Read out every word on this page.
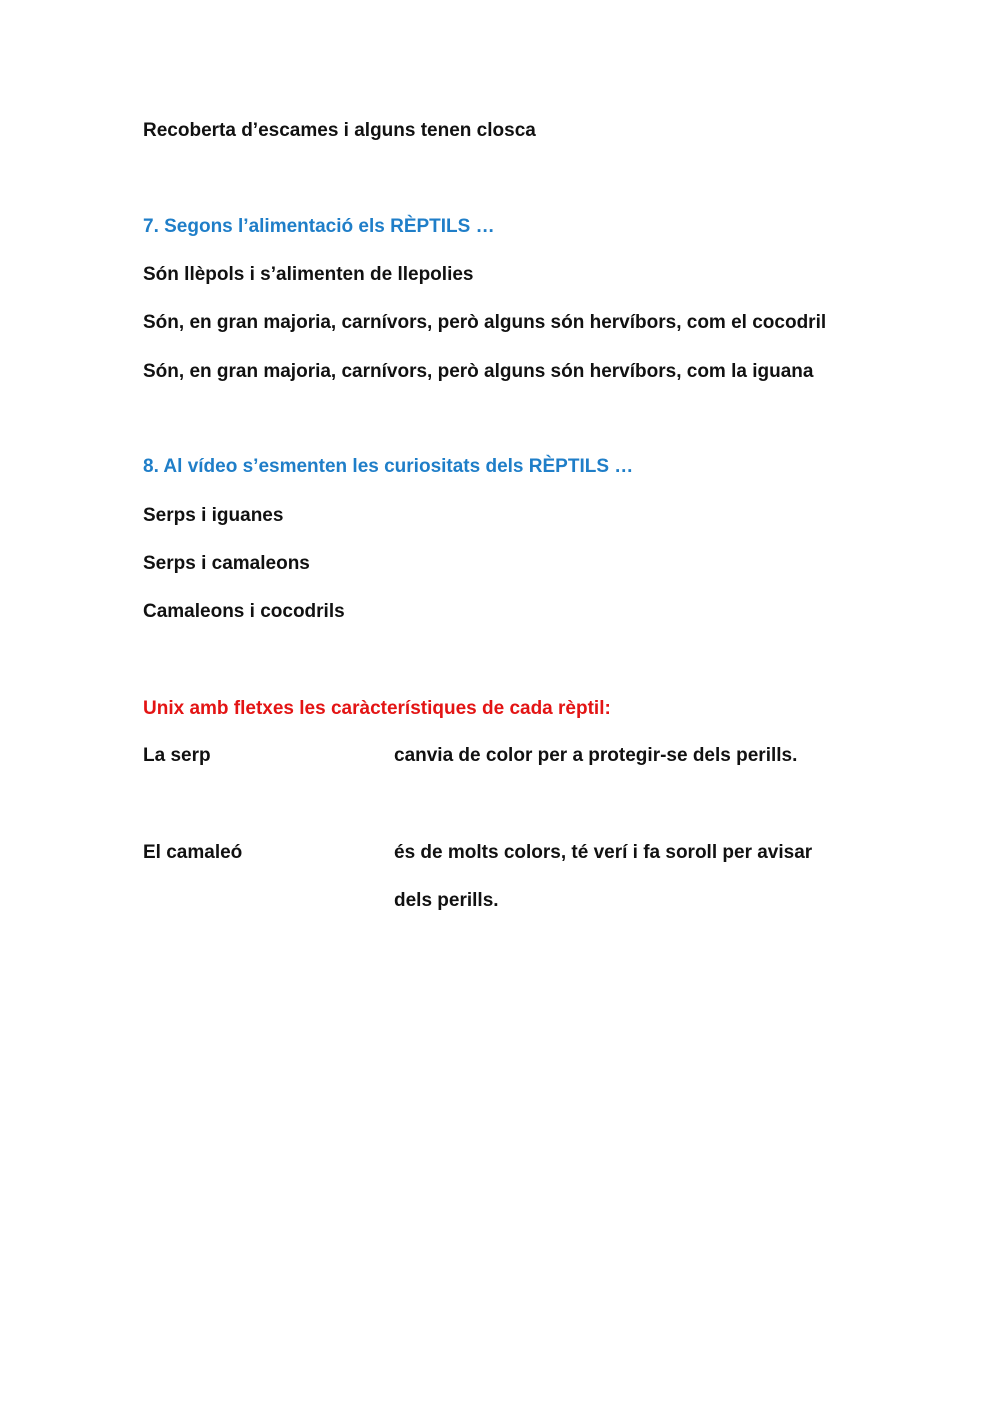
Recoberta d’escames i alguns tenen closca
7. Segons l’alimentació els RÈPTILS …
Són llèpols i s’alimenten de llepolies
Són, en gran majoria, carnívors, però alguns són hervíbors, com el cocodril
Són, en gran majoria, carnívors, però alguns són hervíbors, com la iguana
8. Al vídeo s’esmenten les curiositats dels RÈPTILS …
Serps i iguanes
Serps i camaleons
Camaleons i cocodrils
Unix amb fletxes les caràcterístiques de cada rèptil:
La serp	canvia de color per a protegir-se dels perills.
El camaleó	és de molts colors, té verí i fa soroll per avisar
dels perills.
